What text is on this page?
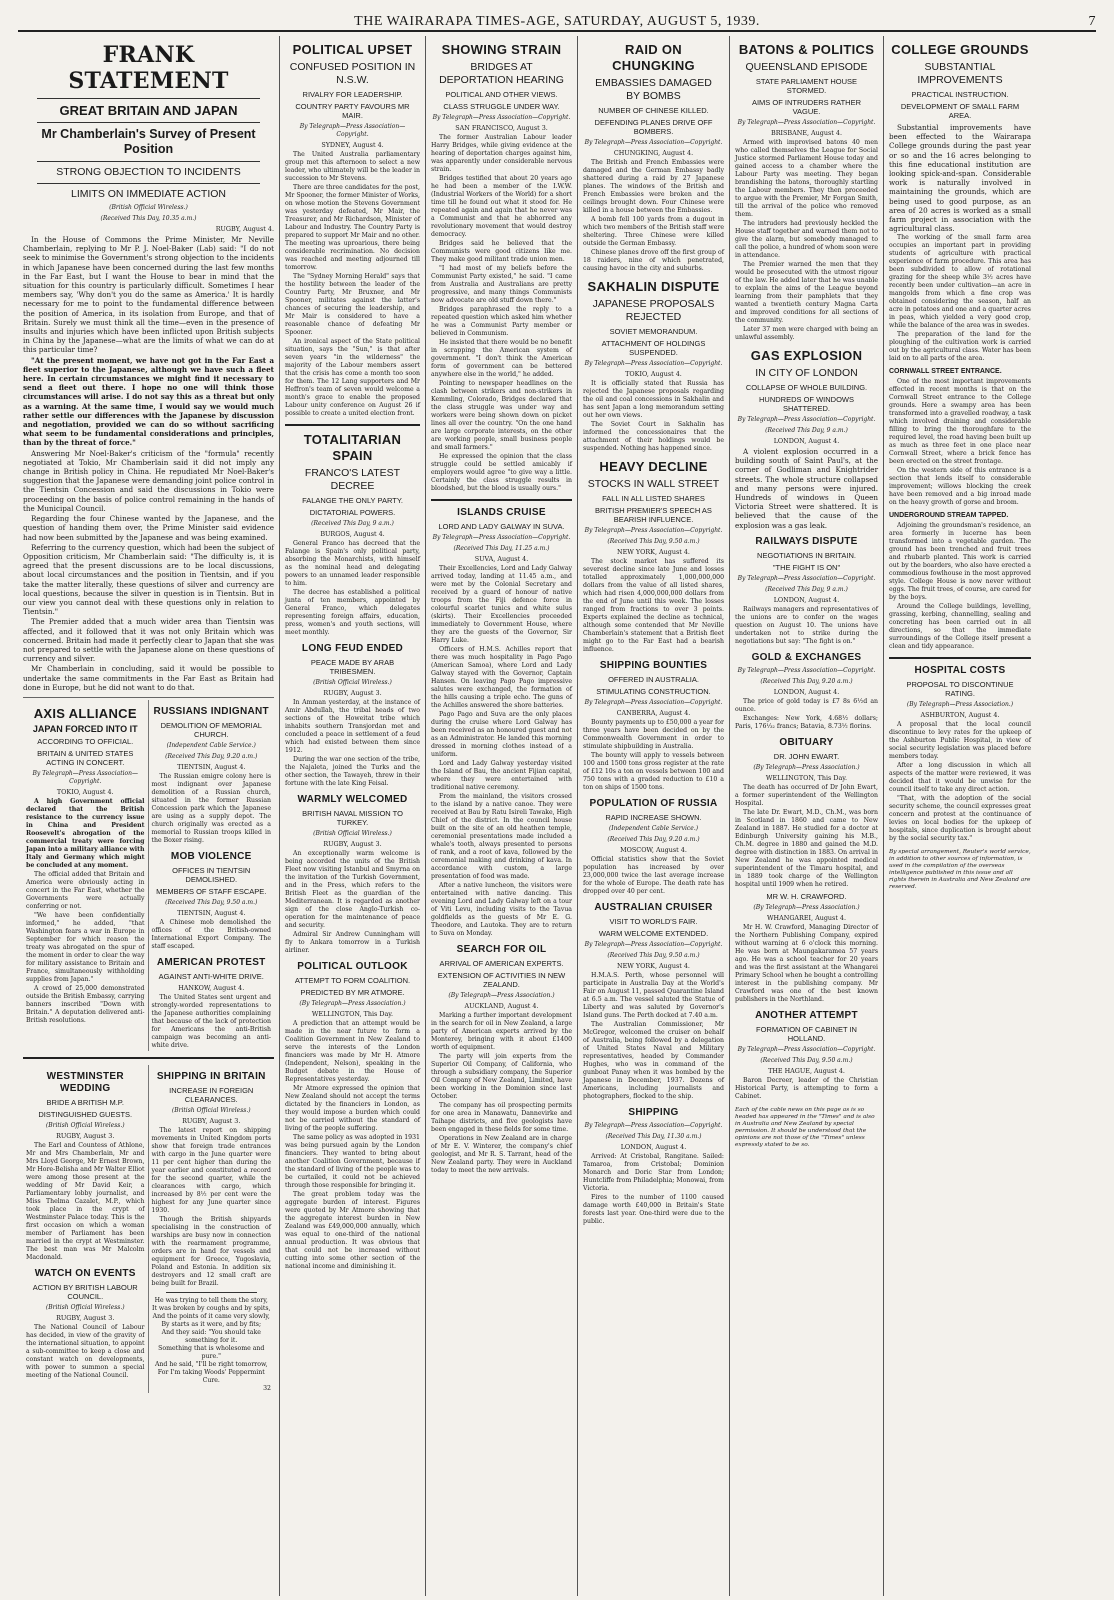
THE WAIRARAPA TIMES-AGE, SATURDAY, AUGUST 5, 1939.	7
FRANK STATEMENT
GREAT BRITAIN AND JAPAN
Mr Chamberlain's Survey of Present Position
STRONG OBJECTION TO INCIDENTS
LIMITS ON IMMEDIATE ACTION
(British Official Wireless.)
(Received This Day, 10.35 a.m.)
RUGBY, August 4.

In the House of Commons the Prime Minister, Mr Neville Chamberlain, replying to Mr P. J. Noel-Baker (Lab) said: "I do not seek to minimise the Government's strong objection to the incidents in which Japanese have been concerned during the last few months in the Far East, but I want the House to bear in mind that the situation for this country is particularly difficult. Sometimes I hear members say, 'Why don't you do the same as America.' It is hardly necessary for me to point to the fundamental difference between the position of America, in its isolation from Europe, and that of Britain. Surely we must think all the time—even in the presence of insults and injuries which have been inflicted upon British subjects in China by the Japanese—what are the limits of what we can do at this particular time?

"At the present moment, we have not got in the Far East a fleet superior to the Japanese, although we have such a fleet here. In certain circumstances we might find it necessary to send a fleet out there. I hope no one will think those circumstances will arise. I do not say this as a threat but only as a warning. At the same time, I would say we would much rather settle our differences with the Japanese by discussion and negotiation, provided we can do so without sacrificing what seem to be fundamental considerations and principles, than by the threat of force."

Answering Mr Noel-Baker's criticism of the "formula" recently negotiated at Tokio, Mr Chamberlain said it did not imply any change in British policy in China. He repudiated Mr Noel-Baker's suggestion that the Japanese were demanding joint police control in the Tientsin Concession and said the discussions in Tokio were proceeding on the basis of police control remaining in the hands of the Municipal Council.

Regarding the four Chinese wanted by the Japanese, and the question of handing them over, the Prime Minister said evidence had now been submitted by the Japanese and was being examined.

Referring to the currency question, which had been the subject of Opposition criticism, Mr Chamberlain said: "The difficulty is, it is agreed that the present discussions are to be local discussions, about local circumstances and the position in Tientsin, and if you take the matter literally, these questions of silver and currency are local questions, because the silver in question is in Tientsin. But in our view you cannot deal with these questions only in relation to Tientsin."

The Premier added that a much wider area than Tientsin was affected, and it followed that it was not only Britain which was concerned. Britain had made it perfectly clear to Japan that she was not prepared to settle with the Japanese alone on these questions of currency and silver.

Mr Chamberlain in concluding, said it would be possible to undertake the same commitments in the Far East as Britain had done in Europe, but he did not want to do that.

AXIS ALLIANCE
JAPAN FORCED INTO IT
ACCORDING TO OFFICIAL.
BRITAIN & UNITED STATES ACTING IN CONCERT.
By Telegraph—Press Association—Copyright.
TOKIO, August 4.

A high Government official declared that the British resistance to the currency issue in China and President Roosevelt's abrogation of the commercial treaty were forcing Japan into a military alliance with Italy and Germany which might be concluded at any moment.

The official added that Britain and America were obviously acting in concert in the Far East, whether the Governments were actually conferring or not.

"We have been confidentially informed," he added, "that Washington fears a war in Europe in September for which reason the treaty was abrogated on the spur of the moment in order to clear the way for military assistance to Britain and France, simultaneously withholding supplies from Japan."

A crowd of 25,000 demonstrated outside the British Embassy, carrying banners inscribed "Down with Britain." A deputation delivered anti-British resolutions.

RUSSIANS INDIGNANT
DEMOLITION OF MEMORIAL CHURCH.
(Independent Cable Service.)
(Received This Day, 9.20 a.m.)
TIENTSIN, August 4.

The Russian emigre colony here is most indignant over Japanese demolition of a Russian church, situated in the former Russian Concession park which the Japanese are using as a supply depot. The church originally was erected as a memorial to Russian troops killed in the Boxer rising.

MOB VIOLENCE
OFFICES IN TIENTSIN DEMOLISHED.
MEMBERS OF STAFF ESCAPE.
(Received This Day, 9.50 a.m.)
TIENTSIN, August 4.

A Chinese mob demolished the offices of the British-owned International Export Company. The staff escaped.

AMERICAN PROTEST
AGAINST ANTI-WHITE DRIVE.
HANKOW, August 4.

The United States sent urgent and strongly-worded representations to the Japanese authorities complaining that because of the lack of protection for Americans the anti-British campaign was becoming an anti-white drive.

WESTMINSTER WEDDING
BRIDE A BRITISH M.P.
DISTINGUISHED GUESTS.
(British Official Wireless.)
RUGBY, August 3.

The Earl and Countess of Athlone, Mr and Mrs Chamberlain, Mr and Mrs Lloyd George, Mr Ernest Brown, Mr Hore-Belisha and Mr Walter Elliot were among those present at the wedding of Mr David Keir, a Parliamentary lobby journalist, and Miss Thelma Cazalet, M.P., which took place in the crypt of Westminster Palace today. This is the first occasion on which a woman member of Parliament has been married in the crypt at Westminster. The best man was Mr Malcolm Macdonald.

WATCH ON EVENTS
ACTION BY BRITISH LABOUR COUNCIL.
(British Official Wireless.)
RUGBY, August 3.

The National Council of Labour has decided, in view of the gravity of the international situation, to appoint a sub-committee to keep a close and constant watch on developments, with power to summon a special meeting of the National Council.

SHIPPING IN BRITAIN
INCREASE IN FOREIGN CLEARANCES.
(British Official Wireless.)
RUGBY, August 3.

The latest report on shipping movements in United Kingdom ports show that foreign trade entrances with cargo in the June quarter were 11 per cent higher than during the year earlier and constituted a record for the second quarter, while the clearances with cargo, which increased by 8½ per cent were the highest for any June quarter since 1930.

Though the British shipyards specialising in the construction of warships are busy now in connection with the rearmament programme, orders are in hand for vessels and equipment for Greece, Yugoslavia, Poland and Estonia. In addition six destroyers and 12 small craft are being built for Brazil.

He was trying to tell them the story,
It was broken by coughs and by spits,
And the points of it came very slowly,
By starts as it were, and by fits;
And they said: "You should take something for it.
Something that is wholesome and pure."
And he said, "I'll be right tomorrow,
For I'm taking Woods' Peppermint Cure.
32
POLITICAL UPSET
CONFUSED POSITION IN N.S.W.
RIVALRY FOR LEADERSHIP.
COUNTRY PARTY FAVOURS MR MAIR.
By Telegraph—Press Association—Copyright.
SYDNEY, August 4.

The United Australia parliamentary group met this afternoon to select a new leader, who ultimately will be the leader in succession to Mr Stevens.

There are three candidates for the post, Mr Spooner, the former Minister of Works, on whose motion the Stevens Government was yesterday defeated, Mr Mair, the Treasurer, and Mr Richardson, Minister of Labour and Industry. The Country Party is prepared to support Mr Mair and no other. The meeting was uproarious, there being considerable recrimination. No decision was reached and meeting adjourned till tomorrow.

The "Sydney Morning Herald" says that the hostility between the leader of the Country Party, Mr Bruxner, and Mr Spooner, militates against the latter's chances of securing the leadership, and Mr Mair is considered to have a reasonable chance of defeating Mr Spooner.

An ironical aspect of the State political situation, says the "Sun," is that after seven years "in the wilderness" the majority of the Labour members assert that the crisis has come a month too soon for them. The 12 Lang supporters and Mr Heffron's team of seven would welcome a month's grace to enable the proposed Labour unity conference on August 26 if possible to create a united election front.

TOTALITARIAN SPAIN
FRANCO'S LATEST DECREE
FALANGE THE ONLY PARTY.
DICTATORIAL POWERS.
(Received This Day, 9 a.m.)
BURGOS, August 4.

General Franco has decreed that the Falange is Spain's only political party, absorbing the Monarchists, with himself as the nominal head and delegating powers to an unnamed leader responsible to him.

The decree has established a political junta of ten members, appointed by General Franco, which delegates representing foreign affairs, education, press, women's and youth sections, will meet monthly.

LONG FEUD ENDED
PEACE MADE BY ARAB TRIBESMEN.
(British Official Wireless.)
RUGBY, August 3.

In Amman yesterday, at the instance of Amir Abdullah, the tribal heads of two sections of the Howeitat tribe which inhabits southern Transjordan met and concluded a peace in settlement of a feud which had existed between them since 1912.

During the war one section of the tribe, the Najaleta, joined the Turks and the other section, the Tawayeh, threw in their fortune with the late King Feisal.

WARMLY WELCOMED
BRITISH NAVAL MISSION TO TURKEY.
(British Official Wireless.)
RUGBY, August 3.

An exceptionally warm welcome is being accorded the units of the British Fleet now visiting Istanbul and Smyrna on the invitation of the Turkish Government, and in the Press, which refers to the British Fleet as the guardian of the Mediterranean. It is regarded as another sign of the close Anglo-Turkish co-operation for the maintenance of peace and security.

Admiral Sir Andrew Cunningham will fly to Ankara tomorrow in a Turkish airliner.

POLITICAL OUTLOOK
ATTEMPT TO FORM COALITION.
PREDICTED BY MR ATMORE.
(By Telegraph—Press Association.)
WELLINGTON, This Day.

A prediction that an attempt would be made in the near future to form a Coalition Government in New Zealand to serve the interests of the London financiers was made by Mr H. Atmore (Independent, Nelson), speaking in the Budget debate in the House of Representatives yesterday.

Mr Atmore expressed the opinion that New Zealand should not accept the terms dictated by the financiers in London, as they would impose a burden which could not be carried without the standard of living of the people suffering.

The same policy as was adopted in 1931 was being pursued again by the London financiers. They wanted to bring about another Coalition Government, because if the standard of living of the people was to be curtailed, it could not be achieved through those responsible for bringing it.

The great problem today was the aggregate burden of interest. Figures were quoted by Mr Atmore showing that the aggregate interest burden in New Zealand was £49,000,000 annually, which was equal to one-third of the national annual production. It was obvious that that could not be increased without cutting into some other section of the national income and diminishing it.

SHOWING STRAIN
BRIDGES AT DEPORTATION HEARING
POLITICAL AND OTHER VIEWS.
CLASS STRUGGLE UNDER WAY.
By Telegraph—Press Association—Copyright.
SAN FRANCISCO, August 3.

The former Australian Labour leader Harry Bridges, while giving evidence at the hearing of deportation charges against him, was apparently under considerable nervous strain.

Bridges testified that about 20 years ago he had been a member of the I.W.W. (Industrial Workers of the World) for a short time till he found out what it stood for. He repeated again and again that he never was a Communist and that he abhorred any revolutionary movement that would destroy democracy.

Bridges said he believed that the Communists were good citizens like me. They make good militant trade union men.

"I had most of my beliefs before the Communist Party existed," he said. "I came from Australia and Australians are pretty progressive, and many things Communists now advocate are old stuff down there."

Bridges paraphrased the reply to a repeated question which asked him whether he was a Communist Party member or believed in Communism.

He insisted that there would be no benefit in scrapping the American system of government. "I don't think the American form of government can be bettered anywhere else in the world," he added.

Pointing to newspaper headlines on the clash between strikers and non-strikers in Kemmling, Colorado, Bridges declared that the class struggle was under way and workers were being shown down on picket lines all over the country. "On the one hand are large corporate interests, on the other are working people, small business people and small farmers."

He expressed the opinion that the class struggle could be settled amicably if employers would agree "to give way a little. Certainly the class struggle results in bloodshed, but the blood is usually ours."

ISLANDS CRUISE
LORD AND LADY GALWAY IN SUVA.
By Telegraph—Press Association—Copyright.
(Received This Day, 11.25 a.m.)
SUVA, August 4.

Their Excellencies, Lord and Lady Galway arrived today, landing at 11.45 a.m., and were met by the Colonial Secretary and received by a guard of honour of native troops from the Fiji defence force in colourful scarlet tunics and white sulus (skirts). Their Excellencies proceeded immediately to Government House, where they are the guests of the Governor, Sir Harry Luke.

Officers of H.M.S. Achilles report that there was much hospitality in Pago Pago (American Samoa), where Lord and Lady Galway stayed with the Governor, Captain Hansen. On leaving Pago Pago impressive salutes were exchanged, the formation of the hills causing a triple echo. The guns of the Achilles answered the shore batteries.

Pago Pago and Suva are the only places during the cruise where Lord Galway has been received as an honoured guest and not as an Administrator. He landed this morning dressed in morning clothes instead of a uniform.

Lord and Lady Galway yesterday visited the Island of Bau, the ancient Fijian capital, where they were entertained with traditional native ceremony.

From the mainland, the visitors crossed to the island by a native canoe. They were received at Bau by Ratu Isireli Tawake, High Chief of the district. In the council house built on the site of an old heathen temple, ceremonial presentations made included a whale's tooth, always presented to persons of rank, and a root of kava, followed by the ceremonial making and drinking of kava. In accordance with custom, a large presentation of food was made.

After a native luncheon, the visitors were entertained with native dancing. This evening Lord and Lady Galway left on a tour of Viti Levu, including visits to the Tavua goldfields as the guests of Mr E. G. Theodore, and Lautoka. They are to return to Suva on Monday.

SEARCH FOR OIL
ARRIVAL OF AMERICAN EXPERTS.
EXTENSION OF ACTIVITIES IN NEW ZEALAND.
(By Telegraph—Press Association.)
AUCKLAND, August 4.

Marking a further important development in the search for oil in New Zealand, a large party of American experts arrived by the Monterey, bringing with it about £1400 worth of equipment.

The party will join experts from the Superior Oil Company, of California, who through a subsidiary company, the Superior Oil Company of New Zealand, Limited, have been working in the Dominion since last October.

The company has oil prospecting permits for one area in Manawatu, Dannevirke and Taihape districts, and five geologists have been engaged in these fields for some time.

Operations in New Zealand are in charge of Mr E. V. Winterer, the company's chief geologist, and Mr R. S. Tarrant, head of the New Zealand party. They were in Auckland today to meet the new arrivals.

RAID ON CHUNGKING
EMBASSIES DAMAGED BY BOMBS
NUMBER OF CHINESE KILLED.
DEFENDING PLANES DRIVE OFF BOMBERS.
By Telegraph—Press Association—Copyright.
CHUNGKING, August 4.

The British and French Embassies were damaged and the German Embassy badly shattered during a raid by 27 Japanese planes. The windows of the British and French Embassies were broken and the ceilings brought down. Four Chinese were killed in a house between the Embassies.

A bomb fell 100 yards from a dugout in which two members of the British staff were sheltering. Three Chinese were killed outside the German Embassy.

Chinese planes drove off the first group of 18 raiders, nine of which penetrated, causing havoc in the city and suburbs.

SAKHALIN DISPUTE
JAPANESE PROPOSALS REJECTED
SOVIET MEMORANDUM.
ATTACHMENT OF HOLDINGS SUSPENDED.
By Telegraph—Press Association—Copyright.
TOKIO, August 4.

It is officially stated that Russia has rejected the Japanese proposals regarding the oil and coal concessions in Sakhalin and has sent Japan a long memorandum setting out her own views.

The Soviet Court in Sakhalin has informed the concessionaires that the attachment of their holdings would be suspended. Nothing has happened since.

HEAVY DECLINE
STOCKS IN WALL STREET
FALL IN ALL LISTED SHARES
BRITISH PREMIER'S SPEECH AS BEARISH INFLUENCE.
By Telegraph—Press Association—Copyright.
(Received This Day, 9.50 a.m.)
NEW YORK, August 4.

The stock market has suffered its severest decline since late June and losses totalled approximately 1,000,000,000 dollars from the value of all listed shares, which had risen 4,000,000,000 dollars from the end of June until this week. The losses ranged from fractions to over 3 points. Experts explained the decline as technical, although some contended that Mr Neville Chamberlain's statement that a British fleet might go to the Far East had a bearish influence.

SHIPPING BOUNTIES
OFFERED IN AUSTRALIA.
STIMULATING CONSTRUCTION.
By Telegraph—Press Association—Copyright.
CANBERRA, August 4.

Bounty payments up to £50,000 a year for three years have been decided on by the Commonwealth Government in order to stimulate shipbuilding in Australia.

The bounty will apply to vessels between 100 and 1500 tons gross register at the rate of £12 10s a ton on vessels between 100 and 750 tons with a graded reduction to £10 a ton on ships of 1500 tons.

POPULATION OF RUSSIA
RAPID INCREASE SHOWN.
(Independent Cable Service.)
(Received This Day, 9.20 a.m.)
MOSCOW, August 4.

Official statistics show that the Soviet population has increased by over 23,000,000 twice the last average increase for the whole of Europe. The death rate has dropped over 40 per cent.

AUSTRALIAN CRUISER
VISIT TO WORLD'S FAIR.
WARM WELCOME EXTENDED.
By Telegraph—Press Association—Copyright.
(Received This Day, 9.50 a.m.)
NEW YORK, August 4.

H.M.A.S. Perth, whose personnel will participate in Australia Day at the World's Fair on August 11, passed Quarantine Island at 6.5 a.m. The vessel saluted the Statue of Liberty and was saluted by Governor's Island guns. The Perth docked at 7.40 a.m.

The Australian Commissioner, Mr McGregor, welcomed the cruiser on behalf of Australia, being followed by a delegation of United States Naval and Military representatives, headed by Commander Hughes, who was in command of the gunboat Panay when it was bombed by the Japanese in December, 1937. Dozens of Americans, including journalists and photographers, flocked to the ship.

SHIPPING
By Telegraph—Press Association—Copyright.
(Received This Day, 11.30 a.m.)
LONDON, August 4.

Arrived: At Cristobal, Rangitane. Sailed: Tamaroa, from Cristobal; Dominion Monarch and Doric Star from London; Huntcliffe from Philadelphia; Monowai, from Victoria.

Fires to the number of 1100 caused damage worth £40,000 in Britain's State forests last year. One-third were due to the public.

BATONS & POLITICS
QUEENSLAND EPISODE
STATE PARLIAMENT HOUSE STORMED.
AIMS OF INTRUDERS RATHER VAGUE.
By Telegraph—Press Association—Copyright.
BRISBANE, August 4.

Armed with improvised batons 40 men who called themselves the League for Social Justice stormed Parliament House today and gained access to a chamber where the Labour Party was meeting. They began brandishing the batons, thoroughly startling the Labour members. They then proceeded to argue with the Premier, Mr Forgan Smith, till the arrival of the police who removed them.

The intruders had previously heckled the House staff together and warned them not to give the alarm, but somebody managed to call the police, a hundred of whom soon were in attendance.

The Premier warned the men that they would be prosecuted with the utmost rigour of the law. He added later that he was unable to explain the aims of the League beyond learning from their pamphlets that they wanted a twentieth century Magna Carta and improved conditions for all sections of the community.

Later 37 men were charged with being an unlawful assembly.

GAS EXPLOSION
IN CITY OF LONDON
COLLAPSE OF WHOLE BUILDING.
HUNDREDS OF WINDOWS SHATTERED.
By Telegraph—Press Association—Copyright.
(Received This Day, 9 a.m.)
LONDON, August 4.

A violent explosion occurred in a building south of Saint Paul's, at the corner of Godliman and Knightrider streets. The whole structure collapsed and many persons were injured. Hundreds of windows in Queen Victoria Street were shattered. It is believed that the cause of the explosion was a gas leak.

RAILWAYS DISPUTE
NEGOTIATIONS IN BRITAIN.
"THE FIGHT IS ON"
By Telegraph—Press Association—Copyright.
(Received This Day, 9 a.m.)
LONDON, August 4.

Railways managers and representatives of the unions are to confer on the wages question on August 10. The unions have undertaken not to strike during the negotiations but say: "The fight is on."

GOLD & EXCHANGES
By Telegraph—Press Association—Copyright.
(Received This Day, 9.20 a.m.)
LONDON, August 4.

The price of gold today is £7 8s 6½d an ounce.

Exchanges: New York, 4.68½ dollars; Paris, 176¹⁄₃₂ francs; Batavia, 8.73½ florins.

OBITUARY
DR. JOHN EWART.
(By Telegraph—Press Association.)
WELLINGTON, This Day.

The death has occurred of Dr John Ewart, a former superintendent of the Wellington Hospital.

The late Dr. Ewart, M.D., Ch.M., was born in Scotland in 1860 and came to New Zealand in 1887. He studied for a doctor at Edinburgh University gaining his M.B., Ch.M. degree in 1880 and gained the M.D. degree with distinction in 1883. On arrival in New Zealand he was appointed medical superintendent of the Timaru hospital, and in 1889 took charge of the Wellington hospital until 1909 when he retired.

MR W. H. CRAWFORD.
(By Telegraph—Press Association.)
WHANGAREI, August 4.

Mr H. W. Crawford, Managing Director of the Northern Publishing Company, expired without warning at 6 o'clock this morning. He was born at Maungakaramea 57 years ago. He was a school teacher for 20 years and was the first assistant at the Whangarei Primary School when he bought a controlling interest in the publishing company. Mr Crawford was one of the best known publishers in the Northland.

ANOTHER ATTEMPT
FORMATION OF CABINET IN HOLLAND.
By Telegraph—Press Association—Copyright.
(Received This Day, 9.50 a.m.)
THE HAGUE, August 4.

Baron Decreer, leader of the Christian Historical Party, is attempting to form a Cabinet.

Each of the cable news on this page as is so headed has appeared in the "Times" and is also in Australia and New Zealand by special permission. It should be understood that the opinions are not those of the "Times" unless expressly stated to be so.
COLLEGE GROUNDS
SUBSTANTIAL IMPROVEMENTS
PRACTICAL INSTRUCTION.
DEVELOPMENT OF SMALL FARM AREA.

Substantial improvements have been effected to the Wairarapa College grounds during the past year or so and the 16 acres belonging to this fine educational institution are looking spick-and-span. Considerable work is naturally involved in maintaining the grounds, which are being used to good purpose, as an area of 20 acres is worked as a small farm project in association with the agricultural class.

The working of the small farm area occupies an important part in providing students of agriculture with practical experience of farm procedure. This area has been subdivided to allow of rotational grazing for the sheep while 3½ acres have recently been under cultivation—an acre in mangolds from which a fine crop was obtained considering the season, half an acre in potatoes and one and a quarter acres in peas, which yielded a very good crop, while the balance of the area was in swedes.

The preparation of the land for the ploughing of the cultivation work is carried out by the agricultural class. Water has been laid on to all parts of the area.

CORNWALL STREET ENTRANCE.

One of the most important improvements effected in recent months is that on the Cornwall Street entrance to the College grounds. Here a swampy area has been transformed into a gravelled roadway, a task which involved draining and considerable filling to bring the thoroughfare to the required level, the road having been built up as much as three feet in one place near Cornwall Street, where a brick fence has been erected on the street frontage.

On the western side of this entrance is a section that lends itself to considerable improvement; willows blocking the creek have been removed and a big inroad made on the heavy growth of gorse and broom.

UNDERGROUND STREAM TAPPED.

Adjoining the groundsman's residence, an area formerly in lucerne has been transformed into a vegetable garden. The ground has been trenched and fruit trees and rhubarb planted. This work is carried out by the boarders, who also have erected a commodious fowlhouse in the most approved style. College House is now never without eggs. The fruit trees, of course, are cared for by the boys.

Around the College buildings, levelling, grassing, kerbing, channelling, sealing and concreting has been carried out in all directions, so that the immediate surroundings of the College itself present a clean and tidy appearance.

HOSPITAL COSTS
PROPOSAL TO DISCONTINUE RATING.
(By Telegraph—Press Association.)
ASHBURTON, August 4.

A proposal that the local council discontinue to levy rates for the upkeep of the Ashburton Public Hospital, in view of social security legislation was placed before members today.

After a long discussion in which all aspects of the matter were reviewed, it was decided that it would be unwise for the council itself to take any direct action.

"That, with the adoption of the social security scheme, the council expresses great concern and protest at the continuance of levies on local bodies for the upkeep of hospitals, since duplication is brought about by the social security tax."

By special arrangement, Reuter's world service, in addition to other sources of information, is used in the compilation of the overseas intelligence published in this issue and all rights therein in Australia and New Zealand are reserved.
